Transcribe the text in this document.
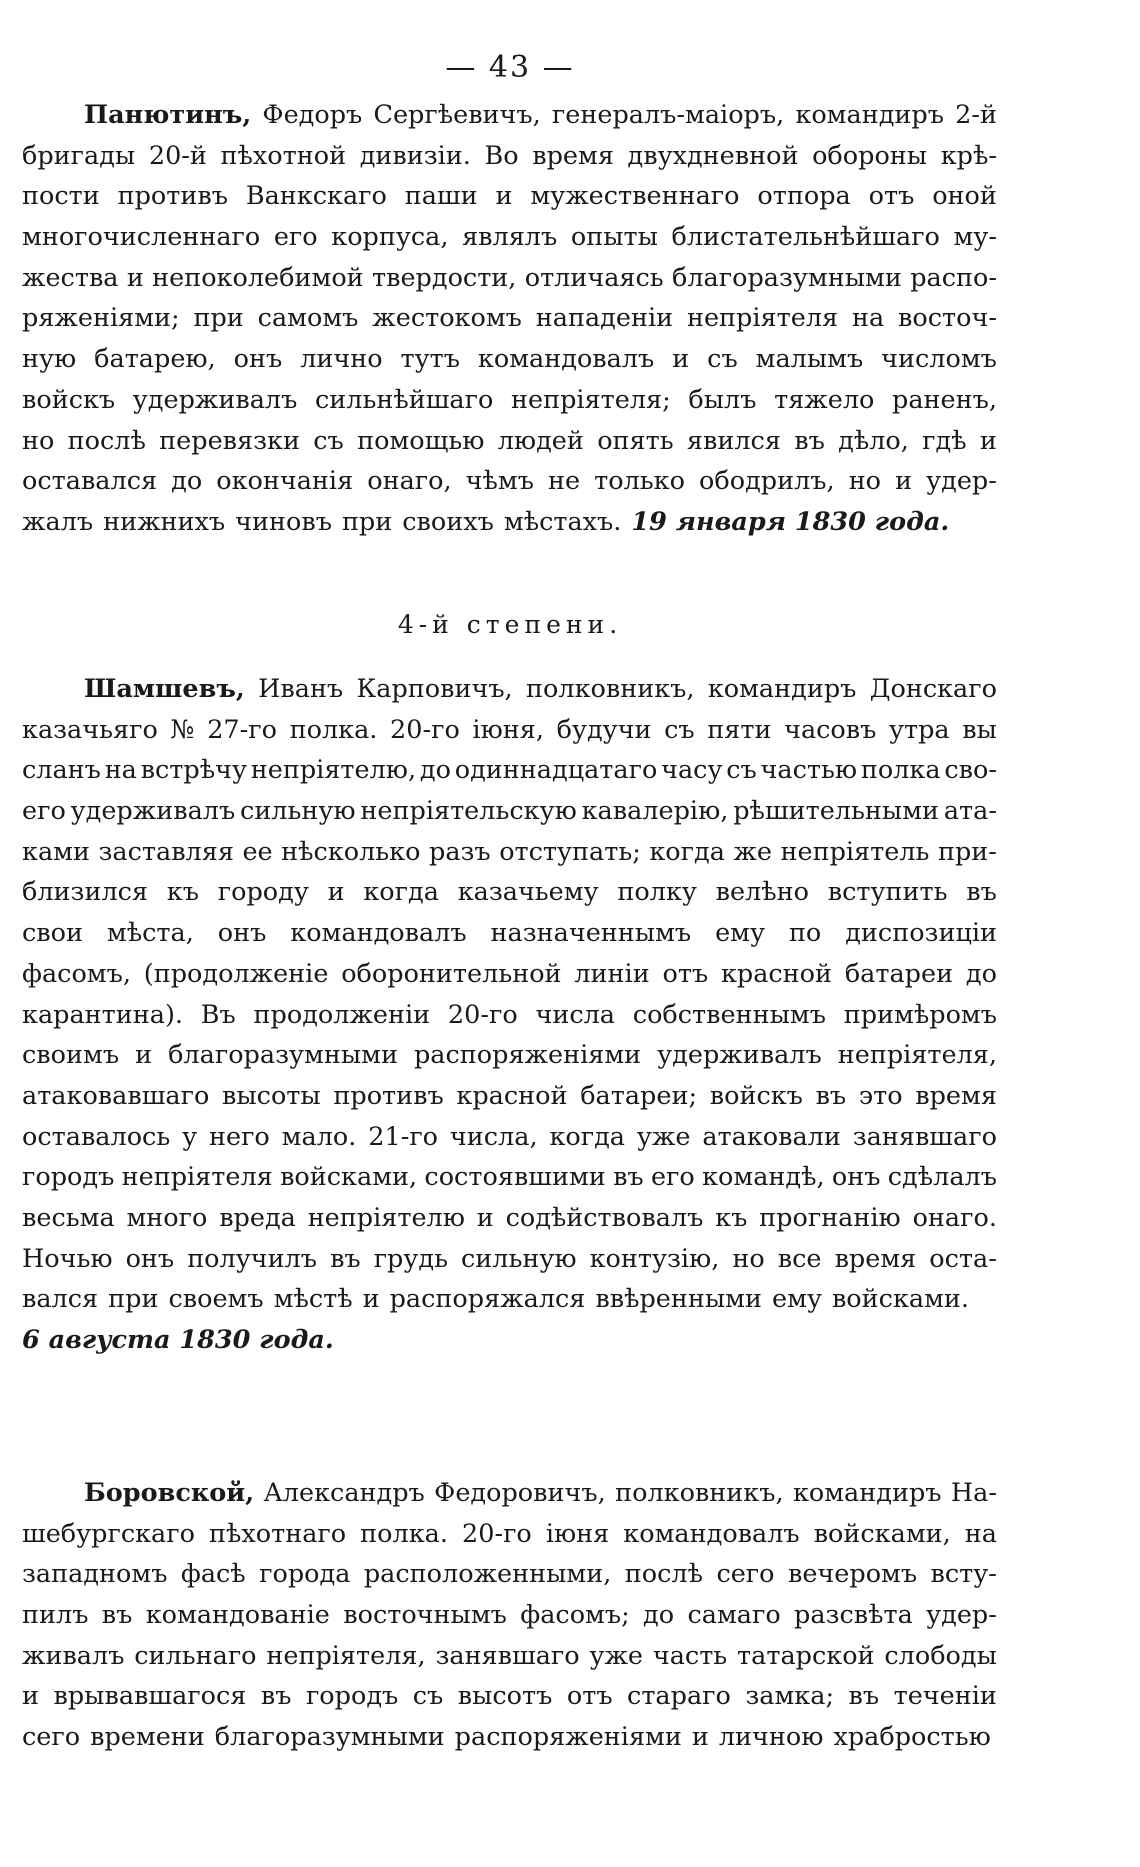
— 43 —
Панютинъ, Федоръ Сергѣевичъ, генералъ-маіоръ, командиръ 2-й
бригады 20-й пѣхотной дивизіи. Во время двухдневной обороны крѣ-
пости противъ Ванкскаго паши и мужественнаго отпора отъ оной
многочисленнаго его корпуса, являлъ опыты блистательнѣйшаго му-
жества и непоколебимой твердости, отличаясь благоразумными распо-
ряженіями; при самомъ жестокомъ нападеніи непріятеля на восточ-
ную батарею, онъ лично тутъ командовалъ и съ малымъ числомъ
войскъ удерживалъ сильнѣйшаго непріятеля; былъ тяжело раненъ,
но послѣ перевязки съ помощью людей опять явился въ дѣло, гдѣ и
оставался до окончанія онаго, чѣмъ не только ободрилъ, но и удер-
жалъ нижнихъ чиновъ при своихъ мѣстахъ. 19 января 1830 года.
4-й степени.
Шамшевъ, Иванъ Карповичъ, полковникъ, командиръ Донскаго
казачьяго № 27-го полка. 20-го іюня, будучи съ пяти часовъ утра вы
сланъ на встрѣчу непріятелю, до одиннадцатаго часу съ частью полка сво-
его удерживалъ сильную непріятельскую кавалерію, рѣшительными ата-
ками заставляя ее нѣсколько разъ отступать; когда же непріятель при-
близился къ городу и когда казачьему полку велѣно вступить въ
свои мѣста, онъ командовалъ назначеннымъ ему по диспозиціи
фасомъ, (продолженіе оборонительной линіи отъ красной батареи до
карантина). Въ продолженіи 20-го числа собственнымъ примѣромъ
своимъ и благоразумными распоряженіями удерживалъ непріятеля,
атаковавшаго высоты противъ красной батареи; войскъ въ это время
оставалось у него мало. 21-го числа, когда уже атаковали занявшаго
городъ непріятеля войсками, состоявшими въ его командѣ, онъ сдѣлалъ
весьма много вреда непріятелю и содѣйствовалъ къ прогнанію онаго.
Ночью онъ получилъ въ грудь сильную контузію, но все время оста-
вался при своемъ мѣстѣ и распоряжался ввѣренными ему войсками.
6 августа 1830 года.
Боровской, Александръ Федоровичъ, полковникъ, командиръ На-
шебургскаго пѣхотнаго полка. 20-го іюня командовалъ войсками, на
западномъ фасѣ города расположенными, послѣ сего вечеромъ всту-
пилъ въ командованіе восточнымъ фасомъ; до самаго разсвѣта удер-
живалъ сильнаго непріятеля, занявшаго уже часть татарской слободы
и врывавшагося въ городъ съ высотъ отъ стараго замка; въ теченіи
сего времени благоразумными распоряженіями и личною храбростью
